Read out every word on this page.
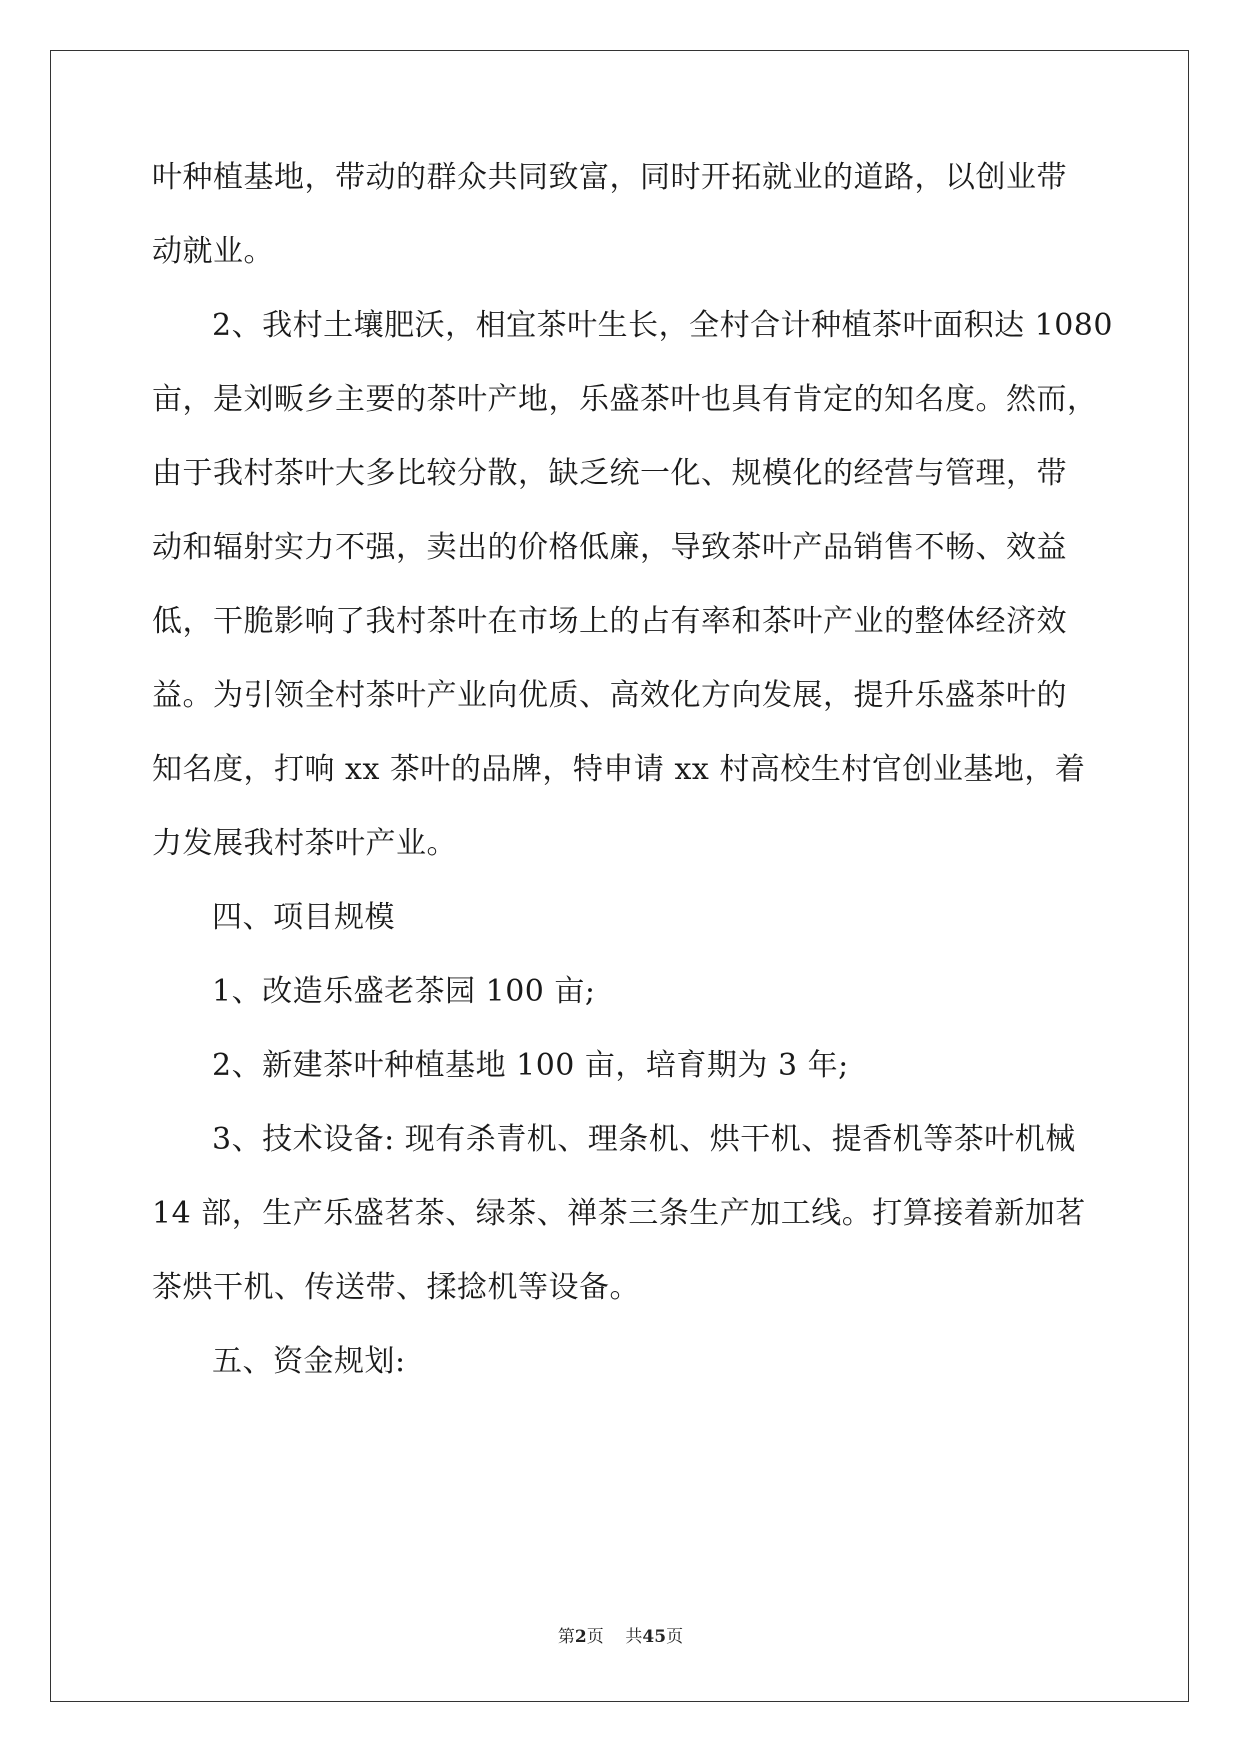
叶种植基地，带动的群众共同致富，同时开拓就业的道路，以创业带
动就业。
2、我村土壤肥沃，相宜茶叶生长，全村合计种植茶叶面积达 1080
亩，是刘畈乡主要的茶叶产地，乐盛茶叶也具有肯定的知名度。然而，
由于我村茶叶大多比较分散，缺乏统一化、规模化的经营与管理，带
动和辐射实力不强，卖出的价格低廉，导致茶叶产品销售不畅、效益
低，干脆影响了我村茶叶在市场上的占有率和茶叶产业的整体经济效
益。为引领全村茶叶产业向优质、高效化方向发展，提升乐盛茶叶的
知名度，打响 xx 茶叶的品牌，特申请 xx 村高校生村官创业基地，着
力发展我村茶叶产业。
四、项目规模
1、改造乐盛老茶园 100 亩;
2、新建茶叶种植基地 100 亩，培育期为 3 年;
3、技术设备: 现有杀青机、理条机、烘干机、提香机等茶叶机械
14 部，生产乐盛茗茶、绿茶、禅茶三条生产加工线。打算接着新加茗
茶烘干机、传送带、揉捻机等设备。
五、资金规划:
第2页 共45页
